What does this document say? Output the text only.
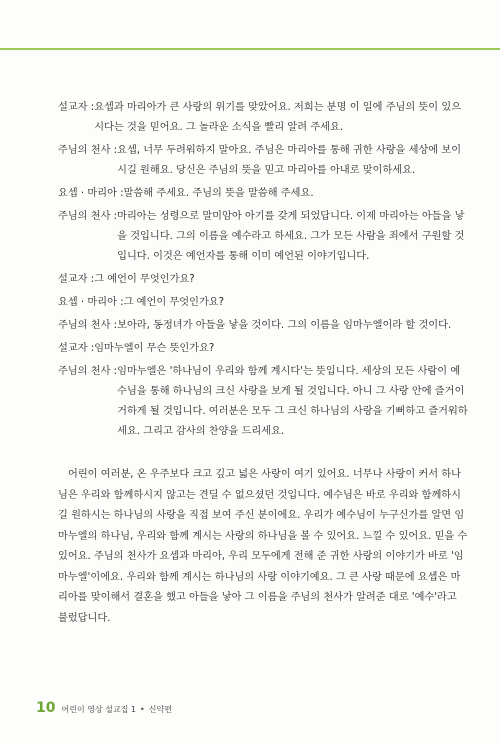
설교자 : 요셉과 마리아가 큰 사랑의 위기를 맞았어요. 저희는 분명 이 일에 주님의 뜻이 있으시다는 것을 믿어요. 그 놀라운 소식을 빨리 알려 주세요.
주님의 천사 : 요셉, 너무 두려워하지 말아요. 주님은 마리아를 통해 귀한 사랑을 세상에 보이시길 원해요. 당신은 주님의 뜻을 믿고 마리아를 아내로 맞이하세요.
요셉 · 마리아 : 말씀해 주세요. 주님의 뜻을 말씀해 주세요.
주님의 천사 : 마리아는 성령으로 말미암아 아기를 갖게 되었답니다. 이제 마리아는 아들을 낳을 것입니다. 그의 이름을 예수라고 하세요. 그가 모든 사람을 죄에서 구원할 것입니다. 이것은 예언자를 통해 이미 예언된 이야기입니다.
설교자 : 그 예언이 무엇인가요?
요셉 · 마리아 : 그 예언이 무엇인가요?
주님의 천사 : 보아라, 동정녀가 아들을 낳을 것이다. 그의 이름을 임마누엘이라 할 것이다.
설교자 : 임마누엘이 무슨 뜻인가요?
주님의 천사 : 임마누엘은 '하나님이 우리와 함께 계시다'는 뜻입니다. 세상의 모든 사람이 예수님을 통해 하나님의 크신 사랑을 보게 될 것입니다. 아니 그 사랑 안에 즐거이 거하게 될 것입니다. 여러분은 모두 그 크신 하나님의 사랑을 기뻐하고 즐거워하세요. 그리고 감사의 찬양을 드리세요.

어린이 여러분, 온 우주보다 크고 깊고 넓은 사랑이 여기 있어요. 너무나 사랑이 커서 하나님은 우리와 함께하시지 않고는 견딜 수 없으셨던 것입니다. 예수님은 바로 우리와 함께하시길 원하시는 하나님의 사랑을 직접 보여 주신 분이에요. 우리가 예수님이 누구신가를 알면 임마누엘의 하나님, 우리와 함께 계시는 사랑의 하나님을 볼 수 있어요. 느낄 수 있어요. 믿을 수 있어요. 주님의 천사가 요셉과 마리아, 우리 모두에게 전해 준 귀한 사랑의 이야기가 바로 '임마누엘'이에요. 우리와 함께 계시는 하나님의 사랑 이야기예요. 그 큰 사랑 때문에 요셉은 마리아를 맞이해서 결혼을 했고 아들을 낳아 그 이름을 주님의 천사가 알려준 대로 '예수'라고 불렀답니다.

10 어린이 영상 설교집 1 • 신약편
